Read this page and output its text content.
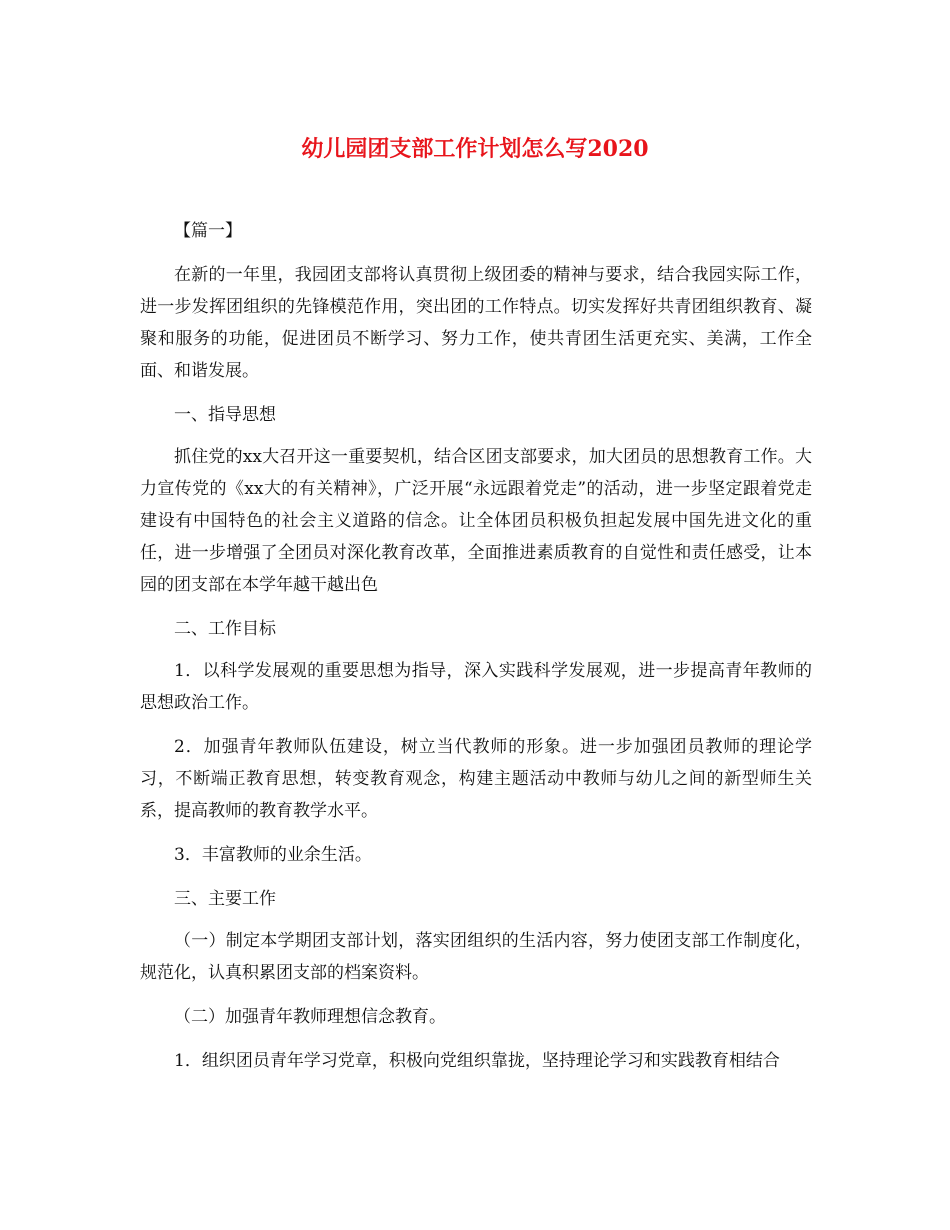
幼儿园团支部工作计划怎么写2020

【篇一】

在新的一年里，我园团支部将认真贯彻上级团委的精神与要求，结合我园实际工作，进一步发挥团组织的先锋模范作用，突出团的工作特点。切实发挥好共青团组织教育、凝聚和服务的功能，促进团员不断学习、努力工作，使共青团生活更充实、美满，工作全面、和谐发展。

一、指导思想

抓住党的xx大召开这一重要契机，结合区团支部要求，加大团员的思想教育工作。大力宣传党的《xx大的有关精神》，广泛开展“永远跟着党走”的活动，进一步坚定跟着党走建设有中国特色的社会主义道路的信念。让全体团员积极负担起发展中国先进文化的重任，进一步增强了全团员对深化教育改革，全面推进素质教育的自觉性和责任感受，让本园的团支部在本学年越干越出色

二、工作目标

1．以科学发展观的重要思想为指导，深入实践科学发展观，进一步提高青年教师的思想政治工作。

2．加强青年教师队伍建设，树立当代教师的形象。进一步加强团员教师的理论学习，不断端正教育思想，转变教育观念，构建主题活动中教师与幼儿之间的新型师生关系，提高教师的教育教学水平。

3．丰富教师的业余生活。

三、主要工作

（一）制定本学期团支部计划，落实团组织的生活内容，努力使团支部工作制度化，规范化，认真积累团支部的档案资料。

（二）加强青年教师理想信念教育。

1．组织团员青年学习党章，积极向党组织靠拢，坚持理论学习和实践教育相结合
